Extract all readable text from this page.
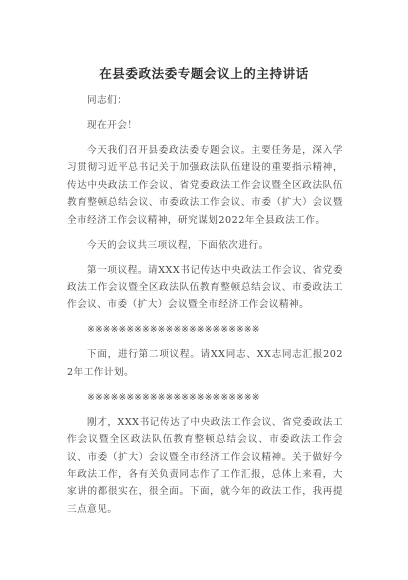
在县委政法委专题会议上的主持讲话

同志们：

现在开会！

今天我们召开县委政法委专题会议。主要任务是，深入学习贯彻习近平总书记关于加强政法队伍建设的重要指示精神，传达中央政法工作会议、省党委政法工作会议暨全区政法队伍教育整顿总结会议、市委政法工作会议、市委（扩大）会议暨全市经济工作会议精神，研究谋划2022年全县政法工作。

今天的会议共三项议程，下面依次进行。

第一项议程。请XXX书记传达中央政法工作会议、省党委政法工作会议暨全区政法队伍教育整顿总结会议、市委政法工作会议、市委（扩大）会议暨全市经济工作会议精神。

※※※※※※※※※※※※※※※※※※※※※※

下面，进行第二项议程。请XX同志、XX志同志汇报2022年工作计划。

※※※※※※※※※※※※※※※※※※※※※※

刚才，XXX书记传达了中央政法工作会议、省党委政法工作会议暨全区政法队伍教育整顿总结会议、市委政法工作会议、市委（扩大）会议暨全市经济工作会议精神。关于做好今年政法工作，各有关负责同志作了工作汇报，总体上来看，大家讲的都很实在，很全面。下面，就今年的政法工作，我再提三点意见。
